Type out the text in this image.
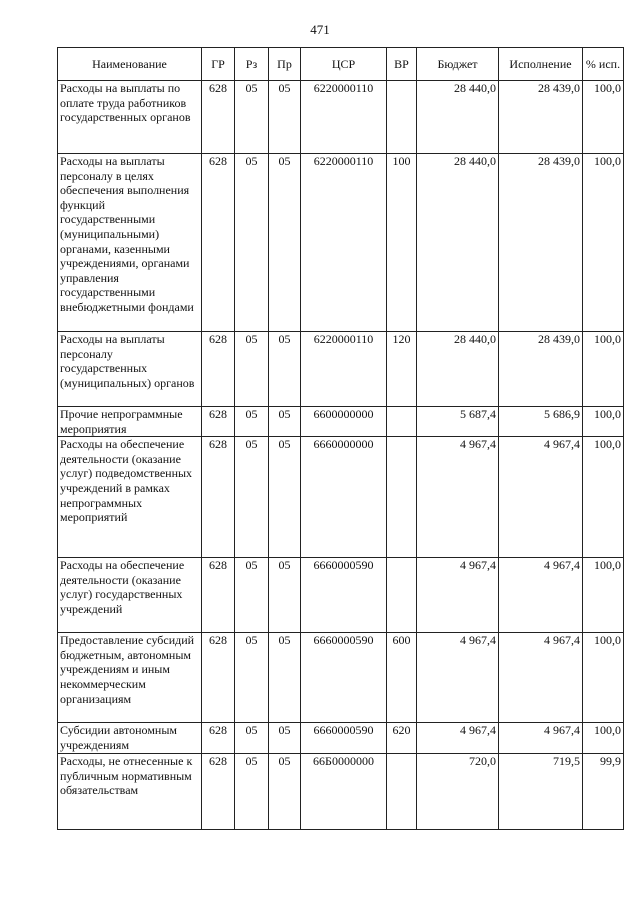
471
Наименование	ГР	Рз	Пр	ЦСР	ВР	Бюджет	Исполнение	% исп.
Расходы на выплаты по оплате труда работников государственных органов	628	05	05	6220000110		28 440,0	28 439,0	100,0
Расходы на выплаты персоналу в целях обеспечения выполнения функций государственными (муниципальными) органами, казенными учреждениями, органами управления государственными внебюджетными фондами	628	05	05	6220000110	100	28 440,0	28 439,0	100,0
Расходы на выплаты персоналу государственных (муниципальных) органов	628	05	05	6220000110	120	28 440,0	28 439,0	100,0
Прочие непрограммные мероприятия	628	05	05	6600000000		5 687,4	5 686,9	100,0
Расходы на обеспечение деятельности (оказание услуг) подведомственных учреждений в рамках непрограммных мероприятий	628	05	05	6660000000		4 967,4	4 967,4	100,0
Расходы на обеспечение деятельности (оказание услуг) государственных учреждений	628	05	05	6660000590		4 967,4	4 967,4	100,0
Предоставление субсидий бюджетным, автономным учреждениям и иным некоммерческим организациям	628	05	05	6660000590	600	4 967,4	4 967,4	100,0
Субсидии автономным учреждениям	628	05	05	6660000590	620	4 967,4	4 967,4	100,0
Расходы, не отнесенные к публичным нормативным обязательствам	628	05	05	66Б0000000		720,0	719,5	99,9
